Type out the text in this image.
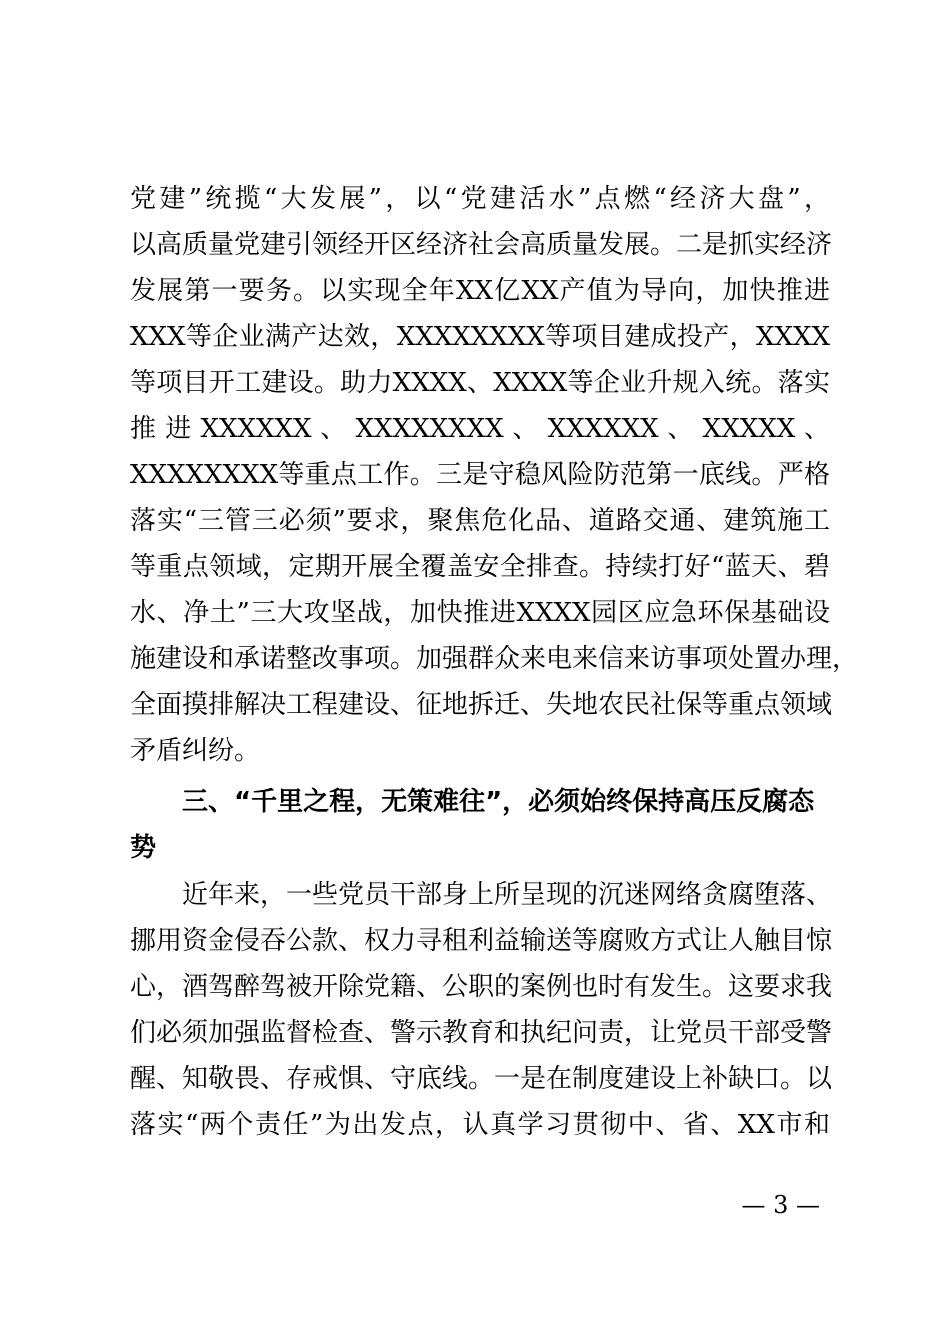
党建”统揽“大发展”，以“党建活水”点燃“经济大盘”，
以高质量党建引领经开区经济社会高质量发展。二是抓实经济
发展第一要务。以实现全年XX亿XX产值为导向，加快推进
XXX等企业满产达效，XXXXXXXX等项目建成投产，XXXX
等项目开工建设。助力XXXX、XXXX等企业升规入统。落实
推 进 XXXXXX 、 XXXXXXXX 、 XXXXXX 、 XXXXX 、
XXXXXXXX等重点工作。三是守稳风险防范第一底线。严格
落实“三管三必须”要求，聚焦危化品、道路交通、建筑施工
等重点领域，定期开展全覆盖安全排查。持续打好“蓝天、碧
水、净土”三大攻坚战，加快推进XXXX园区应急环保基础设
施建设和承诺整改事项。加强群众来电来信来访事项处置办理，
全面摸排解决工程建设、征地拆迁、失地农民社保等重点领域
矛盾纠纷。
三、“千里之程，无策难往”，必须始终保持高压反腐态
势
近年来，一些党员干部身上所呈现的沉迷网络贪腐堕落、
挪用资金侵吞公款、权力寻租利益输送等腐败方式让人触目惊
心，酒驾醉驾被开除党籍、公职的案例也时有发生。这要求我
们必须加强监督检查、警示教育和执纪问责，让党员干部受警
醒、知敬畏、存戒惧、守底线。一是在制度建设上补缺口。以
落实“两个责任”为出发点，认真学习贯彻中、省、XX市和
— 3 —
